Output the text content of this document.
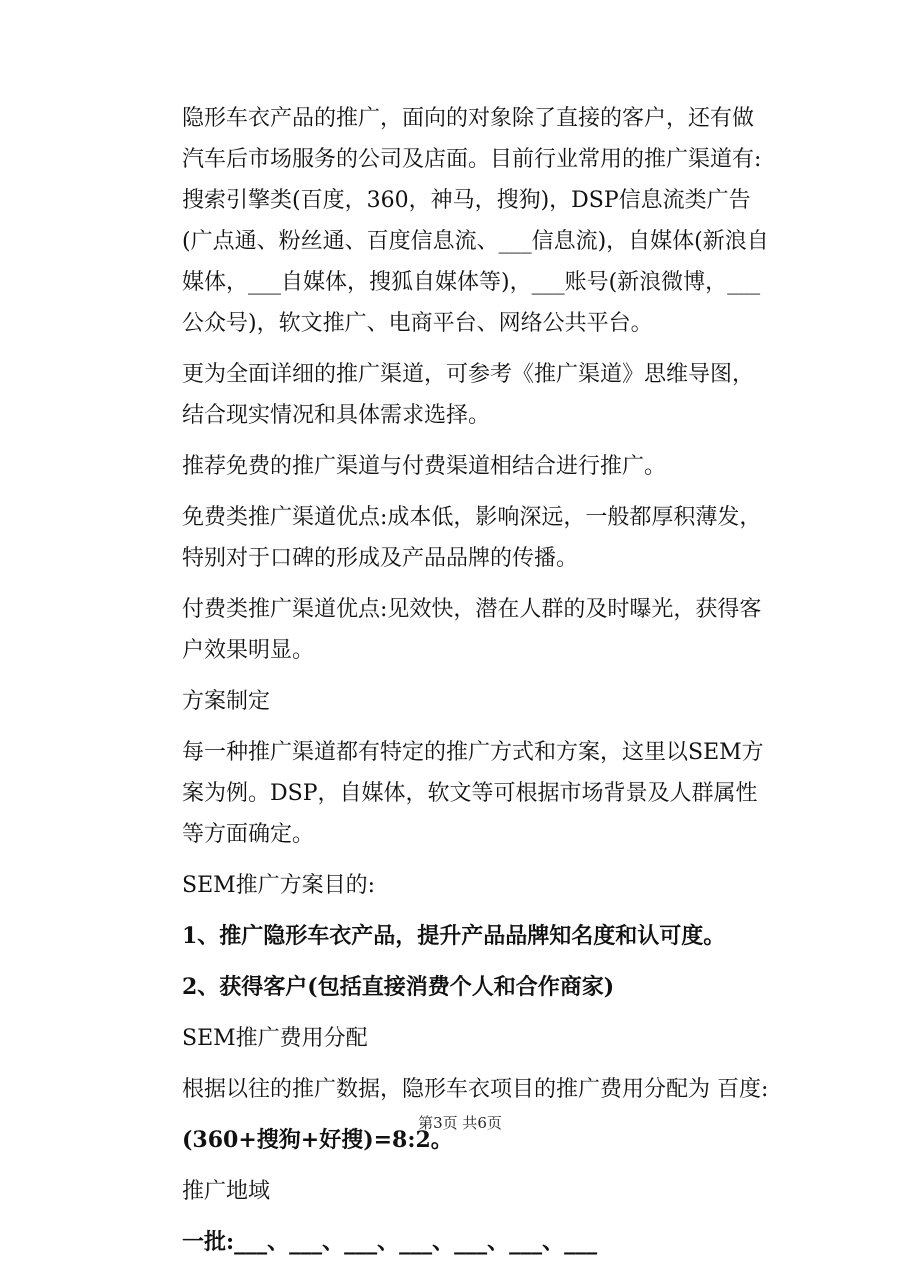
隐形车衣产品的推广，面向的对象除了直接的客户，还有做汽车后市场服务的公司及店面。目前行业常用的推广渠道有:搜索引擎类(百度，360，神马，搜狗)，DSP信息流类广告(广点通、粉丝通、百度信息流、___信息流)，自媒体(新浪自媒体，___自媒体，搜狐自媒体等)，___账号(新浪微博，___公众号)，软文推广、电商平台、网络公共平台。

更为全面详细的推广渠道，可参考《推广渠道》思维导图，结合现实情况和具体需求选择。

推荐免费的推广渠道与付费渠道相结合进行推广。

免费类推广渠道优点:成本低，影响深远，一般都厚积薄发，特别对于口碑的形成及产品品牌的传播。

付费类推广渠道优点:见效快，潜在人群的及时曝光，获得客户效果明显。

方案制定

每一种推广渠道都有特定的推广方式和方案，这里以SEM方案为例。DSP，自媒体，软文等可根据市场背景及人群属性等方面确定。

SEM推广方案目的:

1、推广隐形车衣产品，提升产品品牌知名度和认可度。

2、获得客户(包括直接消费个人和合作商家)

SEM推广费用分配

根据以往的推广数据，隐形车衣项目的推广费用分配为 百度:

(360+搜狗+好搜)=8:2。

推广地域

一批:___、___、___、___、___、___、___

第3页 共6页
